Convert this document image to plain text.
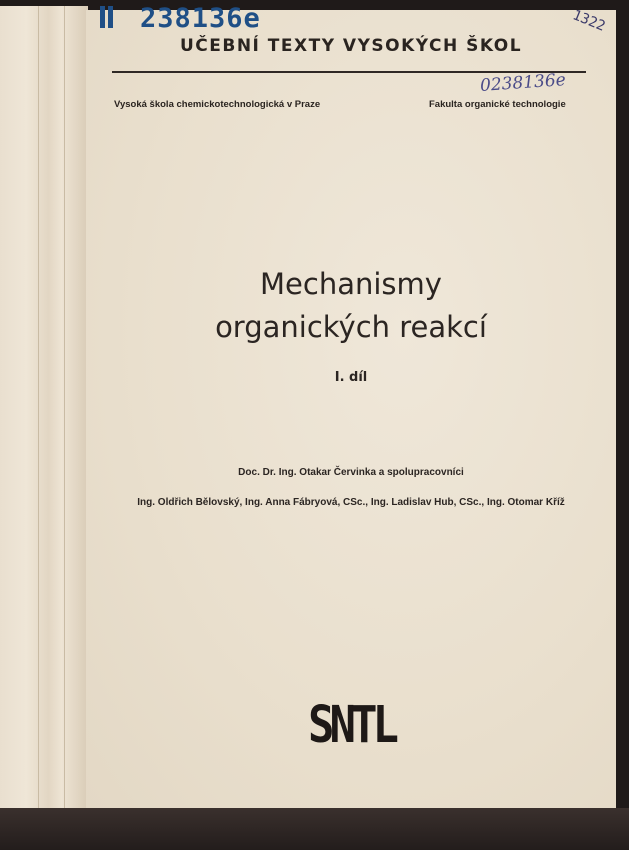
238136e	1322
UČEBNÍ TEXTY VYSOKÝCH ŠKOL
0238136e
Vysoká škola chemickotechnologická v Praze	Fakulta organické technologie
Mechanismy
organických reakcí
I. díl
Doc. Dr. Ing. Otakar Červinka a spolupracovníci
Ing. Oldřich Bělovský, Ing. Anna Fábryová, CSc., Ing. Ladislav Hub, CSc., Ing. Otomar Kříž
SNTL
